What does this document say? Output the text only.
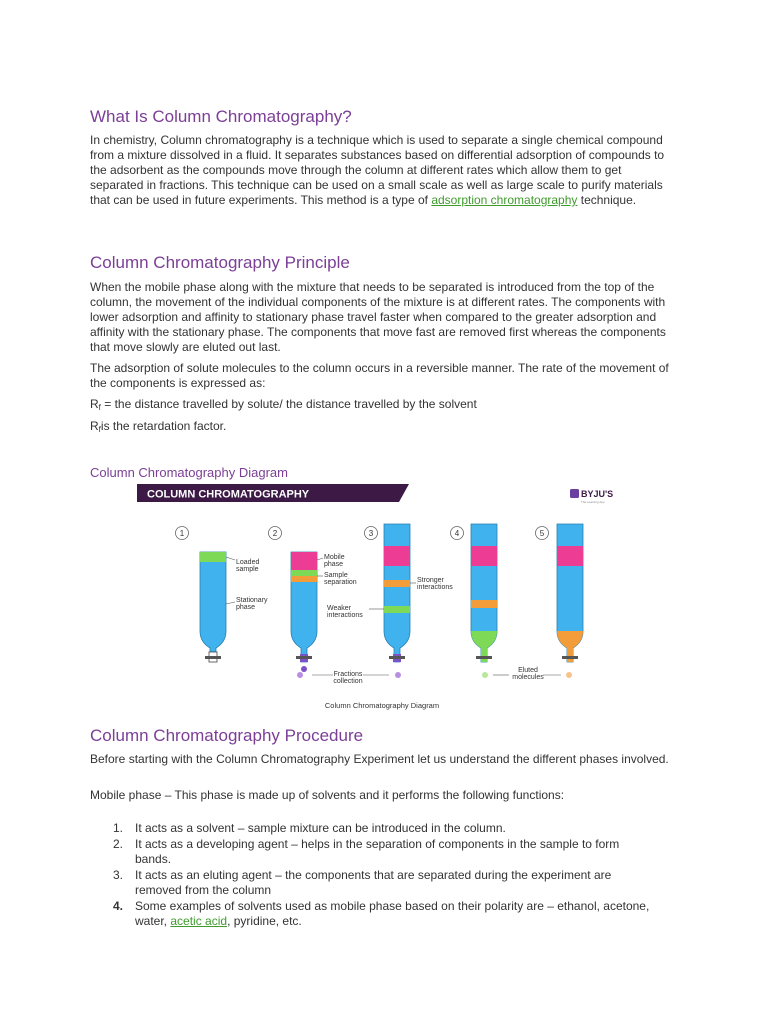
What Is Column Chromatography?

In chemistry, Column chromatography is a technique which is used to separate a single chemical compound from a mixture dissolved in a fluid. It separates substances based on differential adsorption of compounds to the adsorbent as the compounds move through the column at different rates which allow them to get separated in fractions. This technique can be used on a small scale as well as large scale to purify materials that can be used in future experiments. This method is a type of adsorption chromatography technique.

Column Chromatography Principle

When the mobile phase along with the mixture that needs to be separated is introduced from the top of the column, the movement of the individual components of the mixture is at different rates. The components with lower adsorption and affinity to stationary phase travel faster when compared to the greater adsorption and affinity with the stationary phase. The components that move fast are removed first whereas the components that move slowly are eluted out last.

The adsorption of solute molecules to the column occurs in a reversible manner. The rate of the movement of the components is expressed as:

$R_f$ = the distance travelled by solute/ the distance travelled by the solvent

$R_fis$ the retardation factor.

Column Chromatography Diagram
COLUMN CHROMATOGRAPHY	BYJU'S
The Learning App
1	2	3	4	5
Loaded
sample
Stationary
phase
Mobile
phase
Sample
separation
Weaker
interactions
Stronger
interactions
Fractions
collection
Eluted
molecules
Column Chromatography Diagram
Column Chromatography Procedure

Before starting with the Column Chromatography Experiment let us understand the different phases involved.

Mobile phase – This phase is made up of solvents and it performs the following functions:

1. It acts as a solvent – sample mixture can be introduced in the column.
2. It acts as a developing agent – helps in the separation of components in the sample to form bands.
3. It acts as an eluting agent – the components that are separated during the experiment are removed from the column
4. Some examples of solvents used as mobile phase based on their polarity are – ethanol, acetone, water, acetic acid, pyridine, etc.
